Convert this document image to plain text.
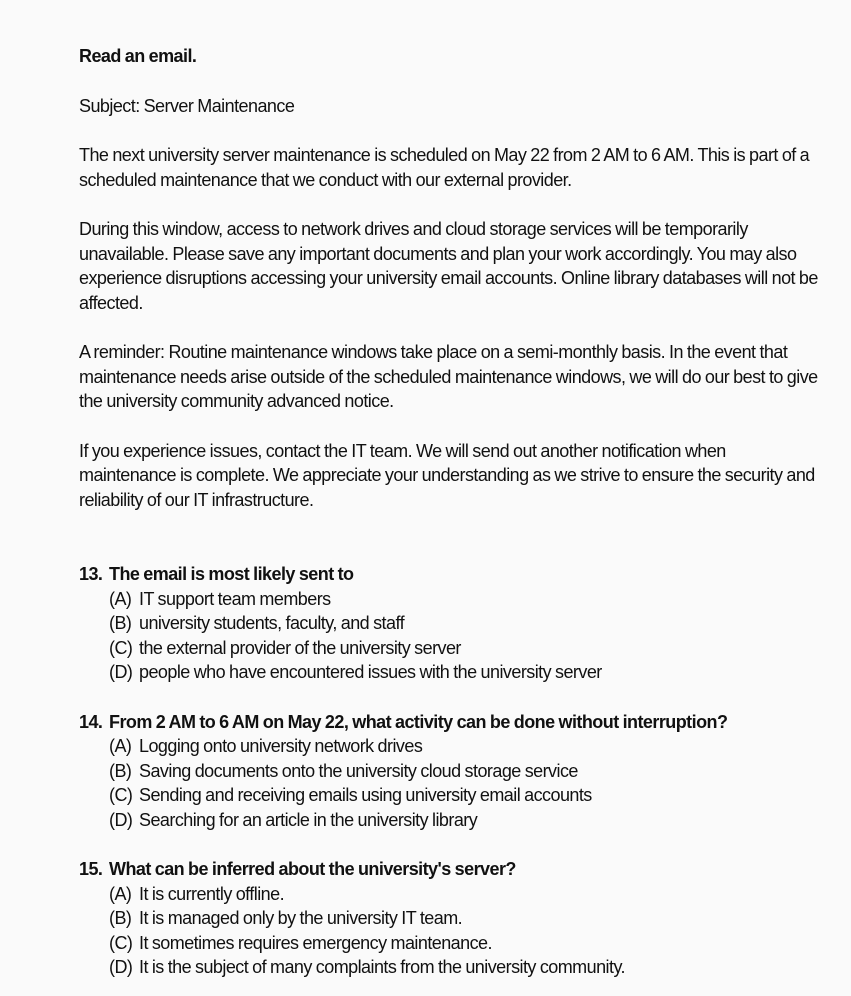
Read an email.
Subject: Server Maintenance

The next university server maintenance is scheduled on May 22 from 2 AM to 6 AM. This is part of a scheduled maintenance that we conduct with our external provider.

During this window, access to network drives and cloud storage services will be temporarily unavailable. Please save any important documents and plan your work accordingly. You may also experience disruptions accessing your university email accounts. Online library databases will not be affected.

A reminder: Routine maintenance windows take place on a semi-monthly basis. In the event that maintenance needs arise outside of the scheduled maintenance windows, we will do our best to give the university community advanced notice.

If you experience issues, contact the IT team. We will send out another notification when maintenance is complete. We appreciate your understanding as we strive to ensure the security and reliability of our IT infrastructure.

13. The email is most likely sent to
(A) IT support team members
(B) university students, faculty, and staff
(C) the external provider of the university server
(D) people who have encountered issues with the university server
14. From 2 AM to 6 AM on May 22, what activity can be done without interruption?
(A) Logging onto university network drives
(B) Saving documents onto the university cloud storage service
(C) Sending and receiving emails using university email accounts
(D) Searching for an article in the university library
15. What can be inferred about the university's server?
(A) It is currently offline.
(B) It is managed only by the university IT team.
(C) It sometimes requires emergency maintenance.
(D) It is the subject of many complaints from the university community.
